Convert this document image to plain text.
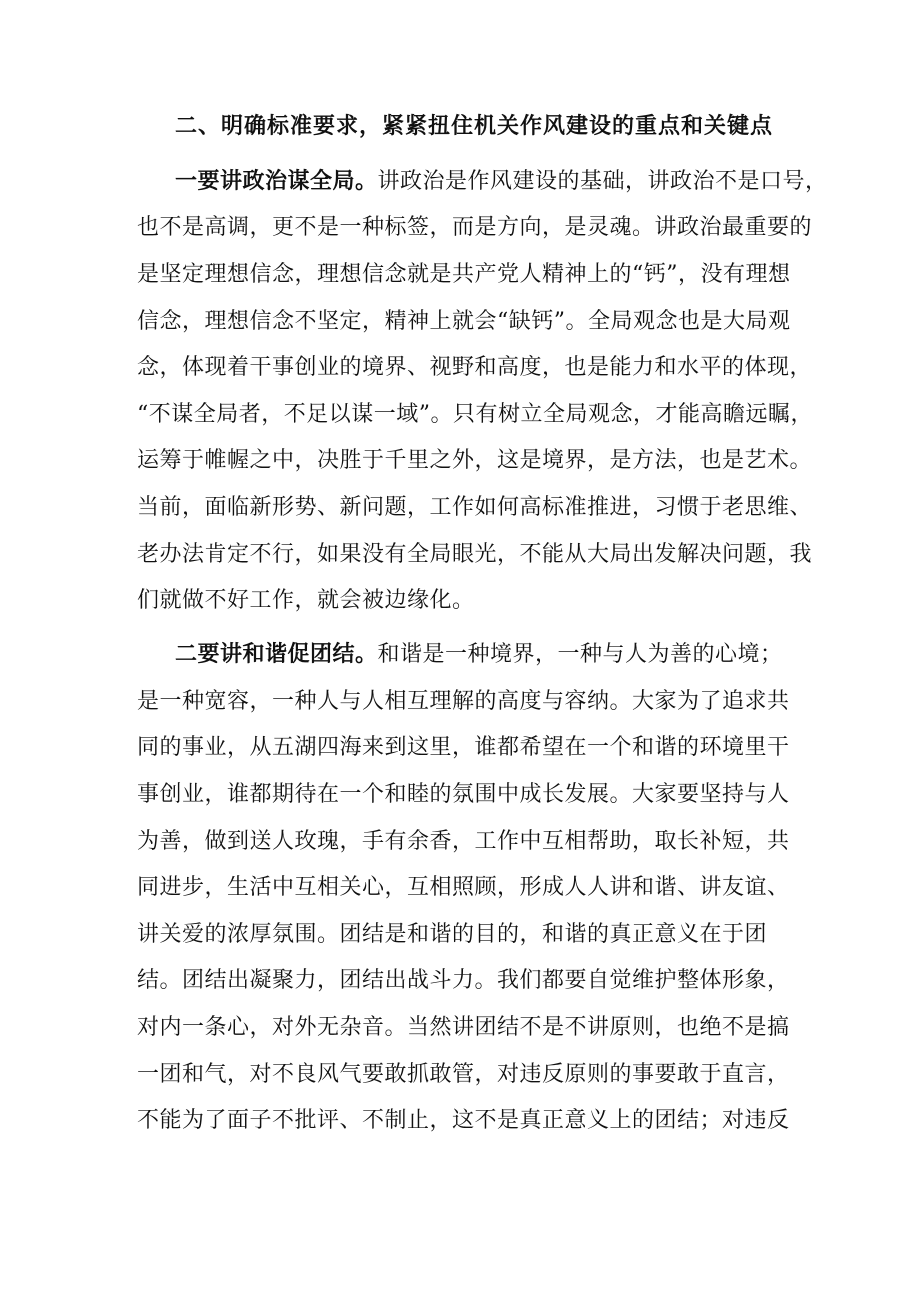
二、明确标准要求，紧紧扭住机关作风建设的重点和关键点
一要讲政治谋全局。讲政治是作风建设的基础，讲政治不是口号，
也不是高调，更不是一种标签，而是方向，是灵魂。讲政治最重要的
是坚定理想信念，理想信念就是共产党人精神上的“钙”，没有理想
信念，理想信念不坚定，精神上就会“缺钙”。全局观念也是大局观
念，体现着干事创业的境界、视野和高度，也是能力和水平的体现，
“不谋全局者，不足以谋一域”。只有树立全局观念，才能高瞻远瞩，
运筹于帷幄之中，决胜于千里之外，这是境界，是方法，也是艺术。
当前，面临新形势、新问题，工作如何高标准推进，习惯于老思维、
老办法肯定不行，如果没有全局眼光，不能从大局出发解决问题，我
们就做不好工作，就会被边缘化。
二要讲和谐促团结。和谐是一种境界，一种与人为善的心境；
是一种宽容，一种人与人相互理解的高度与容纳。大家为了追求共
同的事业，从五湖四海来到这里，谁都希望在一个和谐的环境里干
事创业，谁都期待在一个和睦的氛围中成长发展。大家要坚持与人
为善，做到送人玫瑰，手有余香，工作中互相帮助，取长补短，共
同进步，生活中互相关心，互相照顾，形成人人讲和谐、讲友谊、
讲关爱的浓厚氛围。团结是和谐的目的，和谐的真正意义在于团
结。团结出凝聚力，团结出战斗力。我们都要自觉维护整体形象，
对内一条心，对外无杂音。当然讲团结不是不讲原则，也绝不是搞
一团和气，对不良风气要敢抓敢管，对违反原则的事要敢于直言，
不能为了面子不批评、不制止，这不是真正意义上的团结；对违反
